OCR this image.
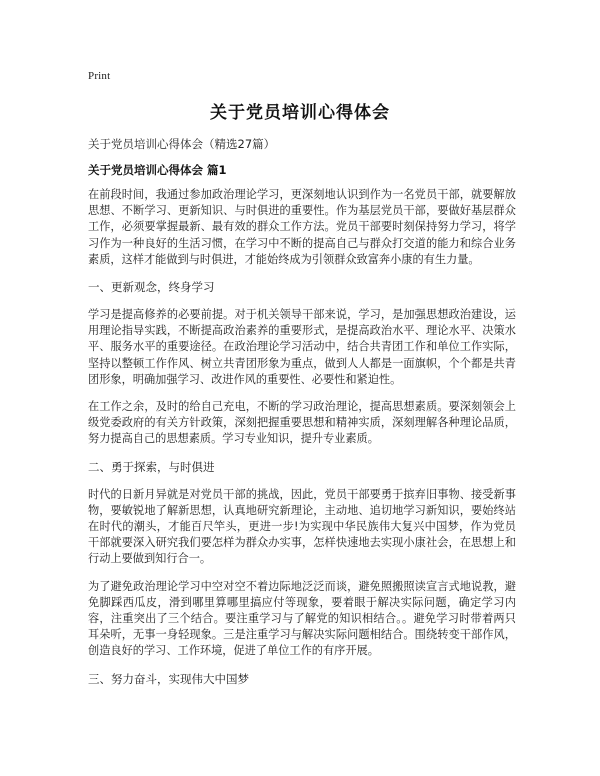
Print
关于党员培训心得体会

关于党员培训心得体会（精选27篇）

关于党员培训心得体会 篇1

在前段时间，我通过参加政治理论学习，更深刻地认识到作为一名党员干部，就要解放思想、不断学习、更新知识、与时俱进的重要性。作为基层党员干部，要做好基层群众工作，必须要掌握最新、最有效的群众工作方法。党员干部要时刻保持努力学习，将学习作为一种良好的生活习惯，在学习中不断的提高自己与群众打交道的能力和综合业务素质，这样才能做到与时俱进，才能始终成为引领群众致富奔小康的有生力量。

一、更新观念，终身学习

学习是提高修养的必要前提。对于机关领导干部来说，学习，是加强思想政治建设，运用理论指导实践，不断提高政治素养的重要形式，是提高政治水平、理论水平、决策水平、服务水平的重要途径。在政治理论学习活动中，结合共青团工作和单位工作实际，坚持以整顿工作作风、树立共青团形象为重点，做到人人都是一面旗帜，个个都是共青团形象，明确加强学习、改进作风的重要性、必要性和紧迫性。

在工作之余，及时的给自己充电，不断的学习政治理论，提高思想素质。要深刻领会上级党委政府的有关方针政策，深刻把握重要思想和精神实质，深刻理解各种理论品质，努力提高自己的思想素质。学习专业知识，提升专业素质。

二、勇于探索，与时俱进

时代的日新月异就是对党员干部的挑战，因此，党员干部要勇于摈弃旧事物、接受新事物，要敏锐地了解新思想，认真地研究新理论，主动地、追切地学习新知识，要始终站在时代的潮头，才能百尺竿头，更进一步!为实现中华民族伟大复兴中国梦，作为党员干部就要深入研究我们要怎样为群众办实事，怎样快速地去实现小康社会，在思想上和行动上要做到知行合一。

为了避免政治理论学习中空对空不着边际地泛泛而谈，避免照搬照读宣言式地说教，避免脚踩西瓜皮，滑到哪里算哪里搞应付等现象，要着眼于解决实际问题，确定学习内容，注重突出了三个结合。要注重学习与了解党的知识相结合。。避免学习时带着两只耳朵听，无事一身轻现象。三是注重学习与解决实际问题相结合。围绕转变干部作风，创造良好的学习、工作环境，促进了单位工作的有序开展。

三、努力奋斗，实现伟大中国梦
